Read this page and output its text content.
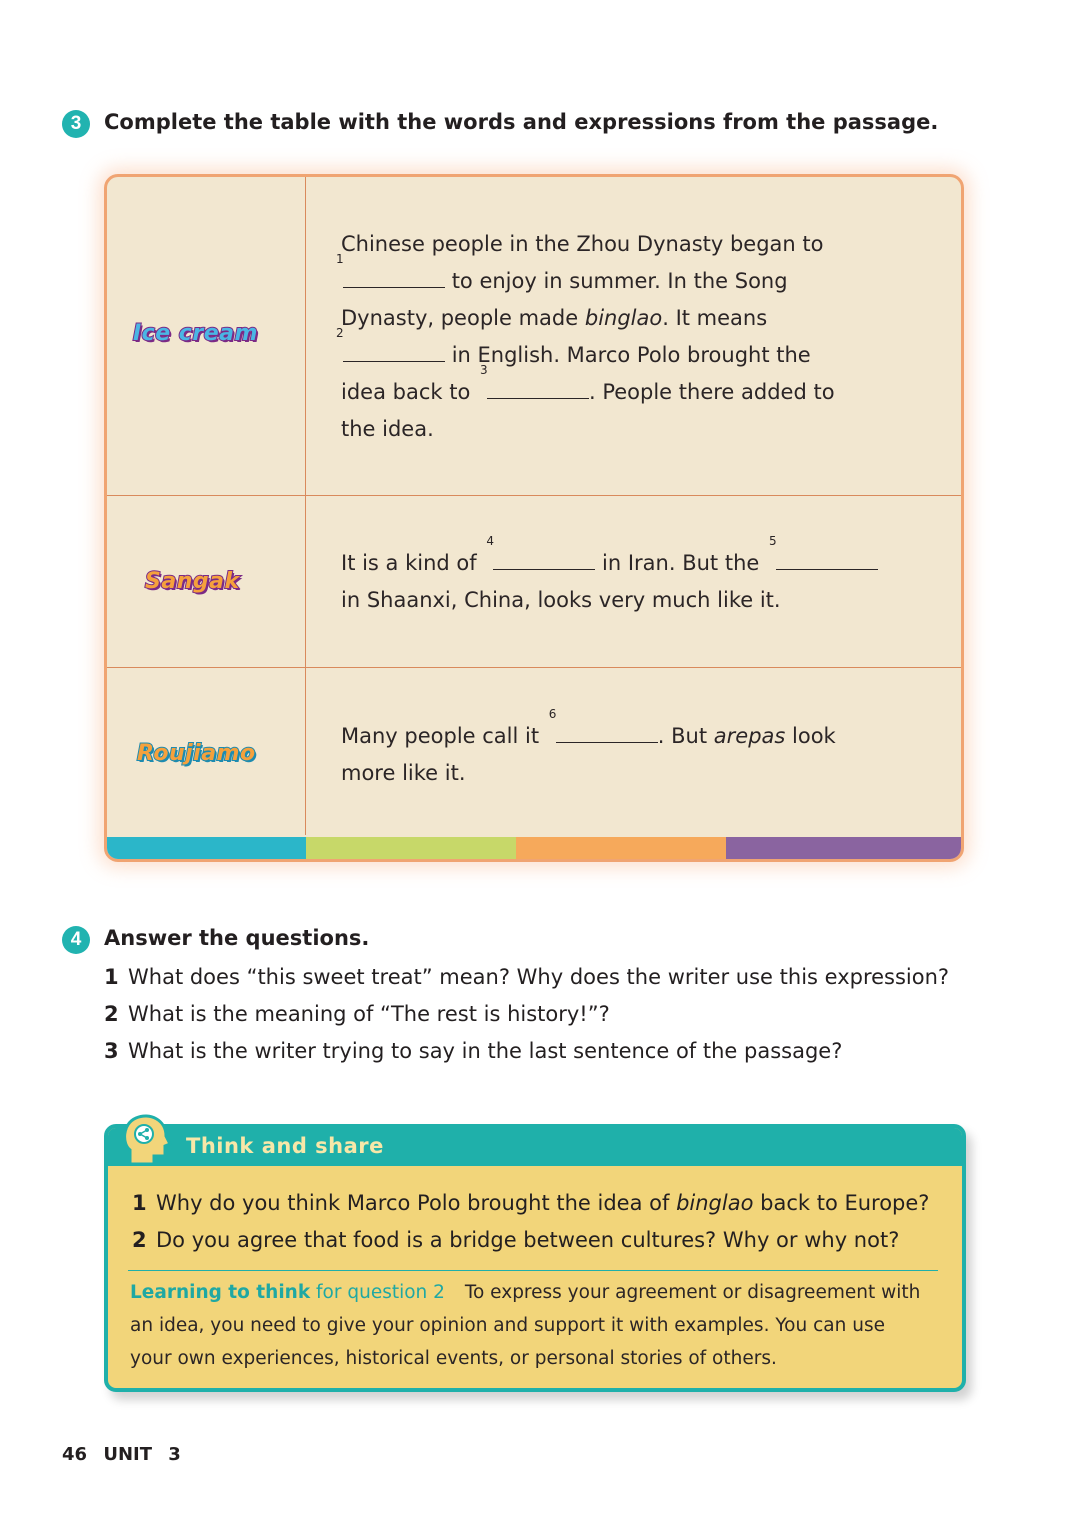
3	Complete the table with the words and expressions from the passage.
Ice cream
Chinese people in the Zhou Dynasty began to

1
to enjoy in summer. In the Song
Dynasty, people made binglao. It means

2
in English. Marco Polo brought the
idea back to
3
. People there added to
the idea.
Sangak
It is a kind of
4
in Iran. But the
5

in Shaanxi, China, looks very much like it.
Roujiamo
Many people call it
6
. But arepas look
more like it.
4	Answer the questions.
1 What does “this sweet treat” mean? Why does the writer use this expression?
2 What is the meaning of “The rest is history!”?
3 What is the writer trying to say in the last sentence of the passage?
Think and share
1 Why do you think Marco Polo brought the idea of binglao back to Europe?
2 Do you agree that food is a bridge between cultures? Why or why not?
Learning to think for question 2 To express your agreement or disagreement with an idea, you need to give your opinion and support it with examples. You can use your own experiences, historical events, or personal stories of others.
46 UNIT 3
